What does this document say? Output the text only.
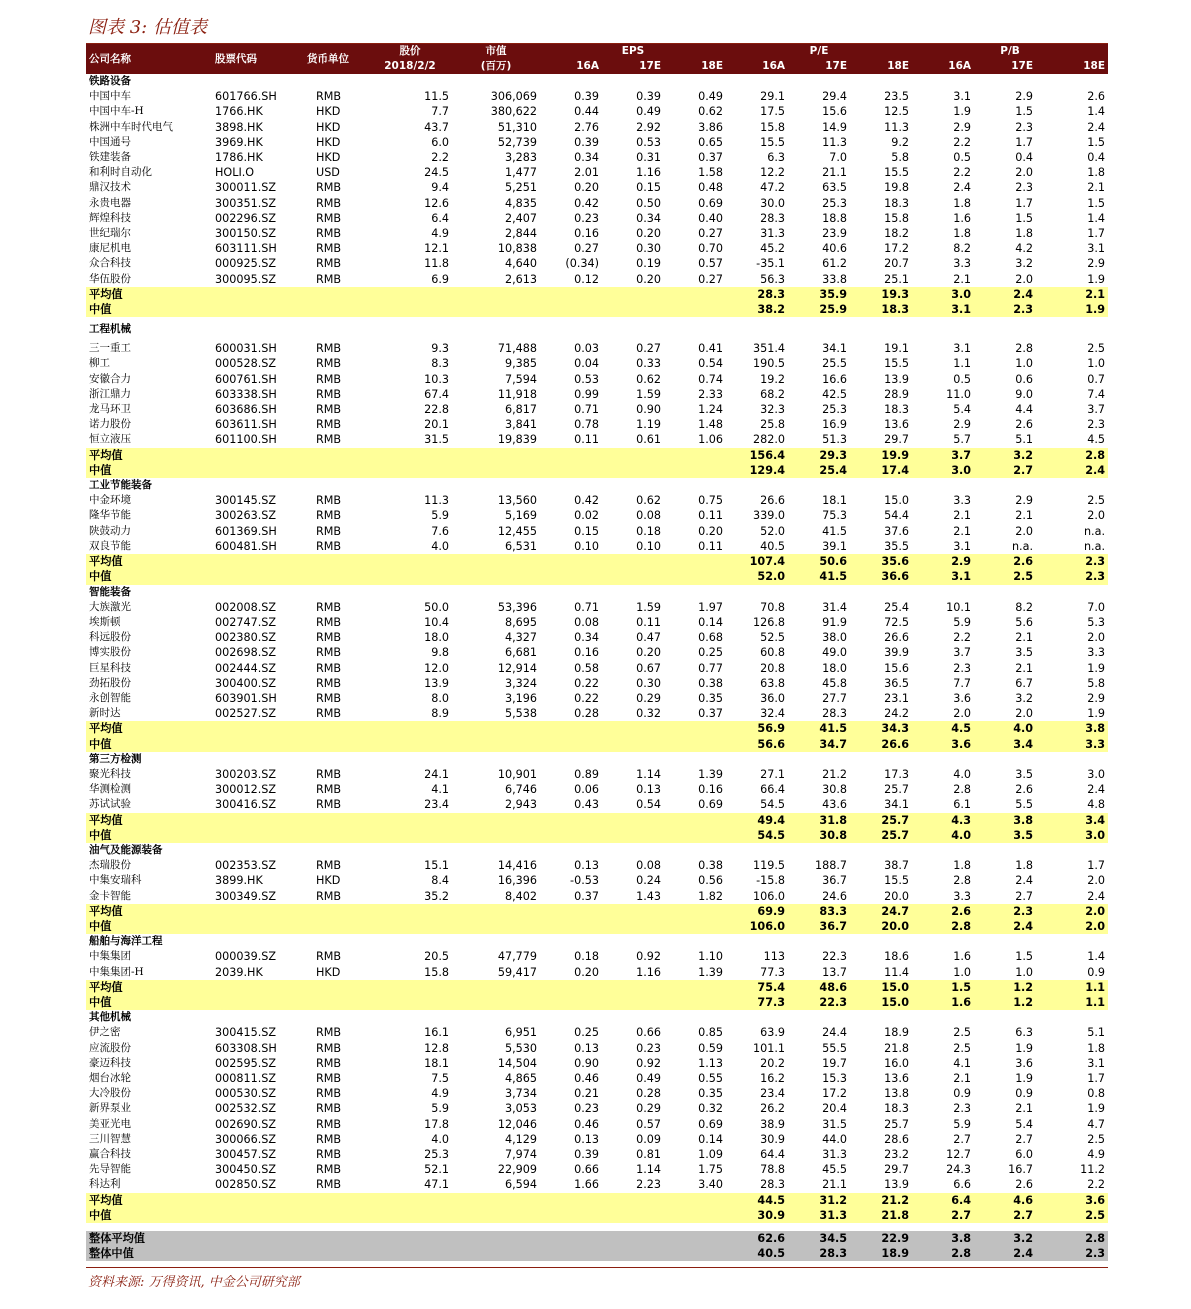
图表 3: 估值表
公司名称	股票代码	货币单位	股价	市值	EPS			P/E			P/B		
			2018/2/2	(百万)	16A	17E	18E	16A	17E	18E	16A	17E	18E
铁路设备													
中国中车	601766.SH	RMB	11.5	306,069	0.39	0.39	0.49	29.1	29.4	23.5	3.1	2.9	2.6
中国中车-H	1766.HK	HKD	7.7	380,622	0.44	0.49	0.62	17.5	15.6	12.5	1.9	1.5	1.4
株洲中车时代电气	3898.HK	HKD	43.7	51,310	2.76	2.92	3.86	15.8	14.9	11.3	2.9	2.3	2.4
中国通号	3969.HK	HKD	6.0	52,739	0.39	0.53	0.65	15.5	11.3	9.2	2.2	1.7	1.5
铁建装备	1786.HK	HKD	2.2	3,283	0.34	0.31	0.37	6.3	7.0	5.8	0.5	0.4	0.4
和利时自动化	HOLI.O	USD	24.5	1,477	2.01	1.16	1.58	12.2	21.1	15.5	2.2	2.0	1.8
鼎汉技术	300011.SZ	RMB	9.4	5,251	0.20	0.15	0.48	47.2	63.5	19.8	2.4	2.3	2.1
永贵电器	300351.SZ	RMB	12.6	4,835	0.42	0.50	0.69	30.0	25.3	18.3	1.8	1.7	1.5
辉煌科技	002296.SZ	RMB	6.4	2,407	0.23	0.34	0.40	28.3	18.8	15.8	1.6	1.5	1.4
世纪瑞尔	300150.SZ	RMB	4.9	2,844	0.16	0.20	0.27	31.3	23.9	18.2	1.8	1.8	1.7
康尼机电	603111.SH	RMB	12.1	10,838	0.27	0.30	0.70	45.2	40.6	17.2	8.2	4.2	3.1
众合科技	000925.SZ	RMB	11.8	4,640	(0.34)	0.19	0.57	-35.1	61.2	20.7	3.3	3.2	2.9
华伍股份	300095.SZ	RMB	6.9	2,613	0.12	0.20	0.27	56.3	33.8	25.1	2.1	2.0	1.9
平均值								28.3	35.9	19.3	3.0	2.4	2.1
中值								38.2	25.9	18.3	3.1	2.3	1.9
工程机械													
三一重工	600031.SH	RMB	9.3	71,488	0.03	0.27	0.41	351.4	34.1	19.1	3.1	2.8	2.5
柳工	000528.SZ	RMB	8.3	9,385	0.04	0.33	0.54	190.5	25.5	15.5	1.1	1.0	1.0
安徽合力	600761.SH	RMB	10.3	7,594	0.53	0.62	0.74	19.2	16.6	13.9	0.5	0.6	0.7
浙江鼎力	603338.SH	RMB	67.4	11,918	0.99	1.59	2.33	68.2	42.5	28.9	11.0	9.0	7.4
龙马环卫	603686.SH	RMB	22.8	6,817	0.71	0.90	1.24	32.3	25.3	18.3	5.4	4.4	3.7
诺力股份	603611.SH	RMB	20.1	3,841	0.78	1.19	1.48	25.8	16.9	13.6	2.9	2.6	2.3
恒立液压	601100.SH	RMB	31.5	19,839	0.11	0.61	1.06	282.0	51.3	29.7	5.7	5.1	4.5
平均值								156.4	29.3	19.9	3.7	3.2	2.8
中值								129.4	25.4	17.4	3.0	2.7	2.4
工业节能装备													
中金环境	300145.SZ	RMB	11.3	13,560	0.42	0.62	0.75	26.6	18.1	15.0	3.3	2.9	2.5
隆华节能	300263.SZ	RMB	5.9	5,169	0.02	0.08	0.11	339.0	75.3	54.4	2.1	2.1	2.0
陕鼓动力	601369.SH	RMB	7.6	12,455	0.15	0.18	0.20	52.0	41.5	37.6	2.1	2.0	n.a.
双良节能	600481.SH	RMB	4.0	6,531	0.10	0.10	0.11	40.5	39.1	35.5	3.1	n.a.	n.a.
平均值								107.4	50.6	35.6	2.9	2.6	2.3
中值								52.0	41.5	36.6	3.1	2.5	2.3
智能装备													
大族激光	002008.SZ	RMB	50.0	53,396	0.71	1.59	1.97	70.8	31.4	25.4	10.1	8.2	7.0
埃斯顿	002747.SZ	RMB	10.4	8,695	0.08	0.11	0.14	126.8	91.9	72.5	5.9	5.6	5.3
科远股份	002380.SZ	RMB	18.0	4,327	0.34	0.47	0.68	52.5	38.0	26.6	2.2	2.1	2.0
博实股份	002698.SZ	RMB	9.8	6,681	0.16	0.20	0.25	60.8	49.0	39.9	3.7	3.5	3.3
巨星科技	002444.SZ	RMB	12.0	12,914	0.58	0.67	0.77	20.8	18.0	15.6	2.3	2.1	1.9
劲拓股份	300400.SZ	RMB	13.9	3,324	0.22	0.30	0.38	63.8	45.8	36.5	7.7	6.7	5.8
永创智能	603901.SH	RMB	8.0	3,196	0.22	0.29	0.35	36.0	27.7	23.1	3.6	3.2	2.9
新时达	002527.SZ	RMB	8.9	5,538	0.28	0.32	0.37	32.4	28.3	24.2	2.0	2.0	1.9
平均值								56.9	41.5	34.3	4.5	4.0	3.8
中值								56.6	34.7	26.6	3.6	3.4	3.3
第三方检测													
聚光科技	300203.SZ	RMB	24.1	10,901	0.89	1.14	1.39	27.1	21.2	17.3	4.0	3.5	3.0
华测检测	300012.SZ	RMB	4.1	6,746	0.06	0.13	0.16	66.4	30.8	25.7	2.8	2.6	2.4
苏试试验	300416.SZ	RMB	23.4	2,943	0.43	0.54	0.69	54.5	43.6	34.1	6.1	5.5	4.8
平均值								49.4	31.8	25.7	4.3	3.8	3.4
中值								54.5	30.8	25.7	4.0	3.5	3.0
油气及能源装备													
杰瑞股份	002353.SZ	RMB	15.1	14,416	0.13	0.08	0.38	119.5	188.7	38.7	1.8	1.8	1.7
中集安瑞科	3899.HK	HKD	8.4	16,396	-0.53	0.24	0.56	-15.8	36.7	15.5	2.8	2.4	2.0
金卡智能	300349.SZ	RMB	35.2	8,402	0.37	1.43	1.82	106.0	24.6	20.0	3.3	2.7	2.4
平均值								69.9	83.3	24.7	2.6	2.3	2.0
中值								106.0	36.7	20.0	2.8	2.4	2.0
船舶与海洋工程													
中集集团	000039.SZ	RMB	20.5	47,779	0.18	0.92	1.10	113	22.3	18.6	1.6	1.5	1.4
中集集团-H	2039.HK	HKD	15.8	59,417	0.20	1.16	1.39	77.3	13.7	11.4	1.0	1.0	0.9
平均值								75.4	48.6	15.0	1.5	1.2	1.1
中值								77.3	22.3	15.0	1.6	1.2	1.1
其他机械													
伊之密	300415.SZ	RMB	16.1	6,951	0.25	0.66	0.85	63.9	24.4	18.9	2.5	6.3	5.1
应流股份	603308.SH	RMB	12.8	5,530	0.13	0.23	0.59	101.1	55.5	21.8	2.5	1.9	1.8
豪迈科技	002595.SZ	RMB	18.1	14,504	0.90	0.92	1.13	20.2	19.7	16.0	4.1	3.6	3.1
烟台冰轮	000811.SZ	RMB	7.5	4,865	0.46	0.49	0.55	16.2	15.3	13.6	2.1	1.9	1.7
大冷股份	000530.SZ	RMB	4.9	3,734	0.21	0.28	0.35	23.4	17.2	13.8	0.9	0.9	0.8
新界泵业	002532.SZ	RMB	5.9	3,053	0.23	0.29	0.32	26.2	20.4	18.3	2.3	2.1	1.9
美亚光电	002690.SZ	RMB	17.8	12,046	0.46	0.57	0.69	38.9	31.5	25.7	5.9	5.4	4.7
三川智慧	300066.SZ	RMB	4.0	4,129	0.13	0.09	0.14	30.9	44.0	28.6	2.7	2.7	2.5
赢合科技	300457.SZ	RMB	25.3	7,974	0.39	0.81	1.09	64.4	31.3	23.2	12.7	6.0	4.9
先导智能	300450.SZ	RMB	52.1	22,909	0.66	1.14	1.75	78.8	45.5	29.7	24.3	16.7	11.2
科达利	002850.SZ	RMB	47.1	6,594	1.66	2.23	3.40	28.3	21.1	13.9	6.6	2.6	2.2
平均值								44.5	31.2	21.2	6.4	4.6	3.6
中值								30.9	31.3	21.8	2.7	2.7	2.5

整体平均值								62.6	34.5	22.9	3.8	3.2	2.8
整体中值								40.5	28.3	18.9	2.8	2.4	2.3
资料来源: 万得资讯, 中金公司研究部
